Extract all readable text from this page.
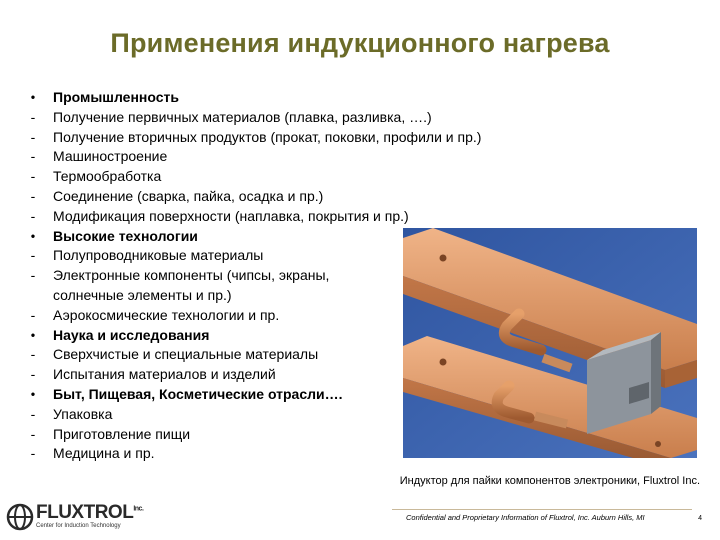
Применения индукционного нагрева
• Промышленность
- Получение первичных материалов (плавка, разливка, ….)
- Получение вторичных продуктов (прокат, поковки, профили и пр.)
- Машиностроение
- Термообработка
- Соединение (сварка, пайка, осадка и пр.)
- Модификация поверхности (наплавка, покрытия и пр.)
• Высокие технологии
- Полупроводниковые материалы
- Электронные компоненты (чипсы, экраны,
солнечные элементы и пр.)
- Аэрокосмические технологии и пр.
• Наука и исследования
- Сверхчистые и специальные материалы
- Испытания материалов и изделий
• Быт, Пищевая, Косметические отрасли….
- Упаковка
- Приготовление пищи
- Медицина и пр.
Индуктор для пайки компонентов электроники, Fluxtrol Inc.
$FLUXTROL^{Inc.}$
Center for Induction Technology
Confidential and Proprietary Information of Fluxtrol, Inc. Auburn Hills, MI	4
